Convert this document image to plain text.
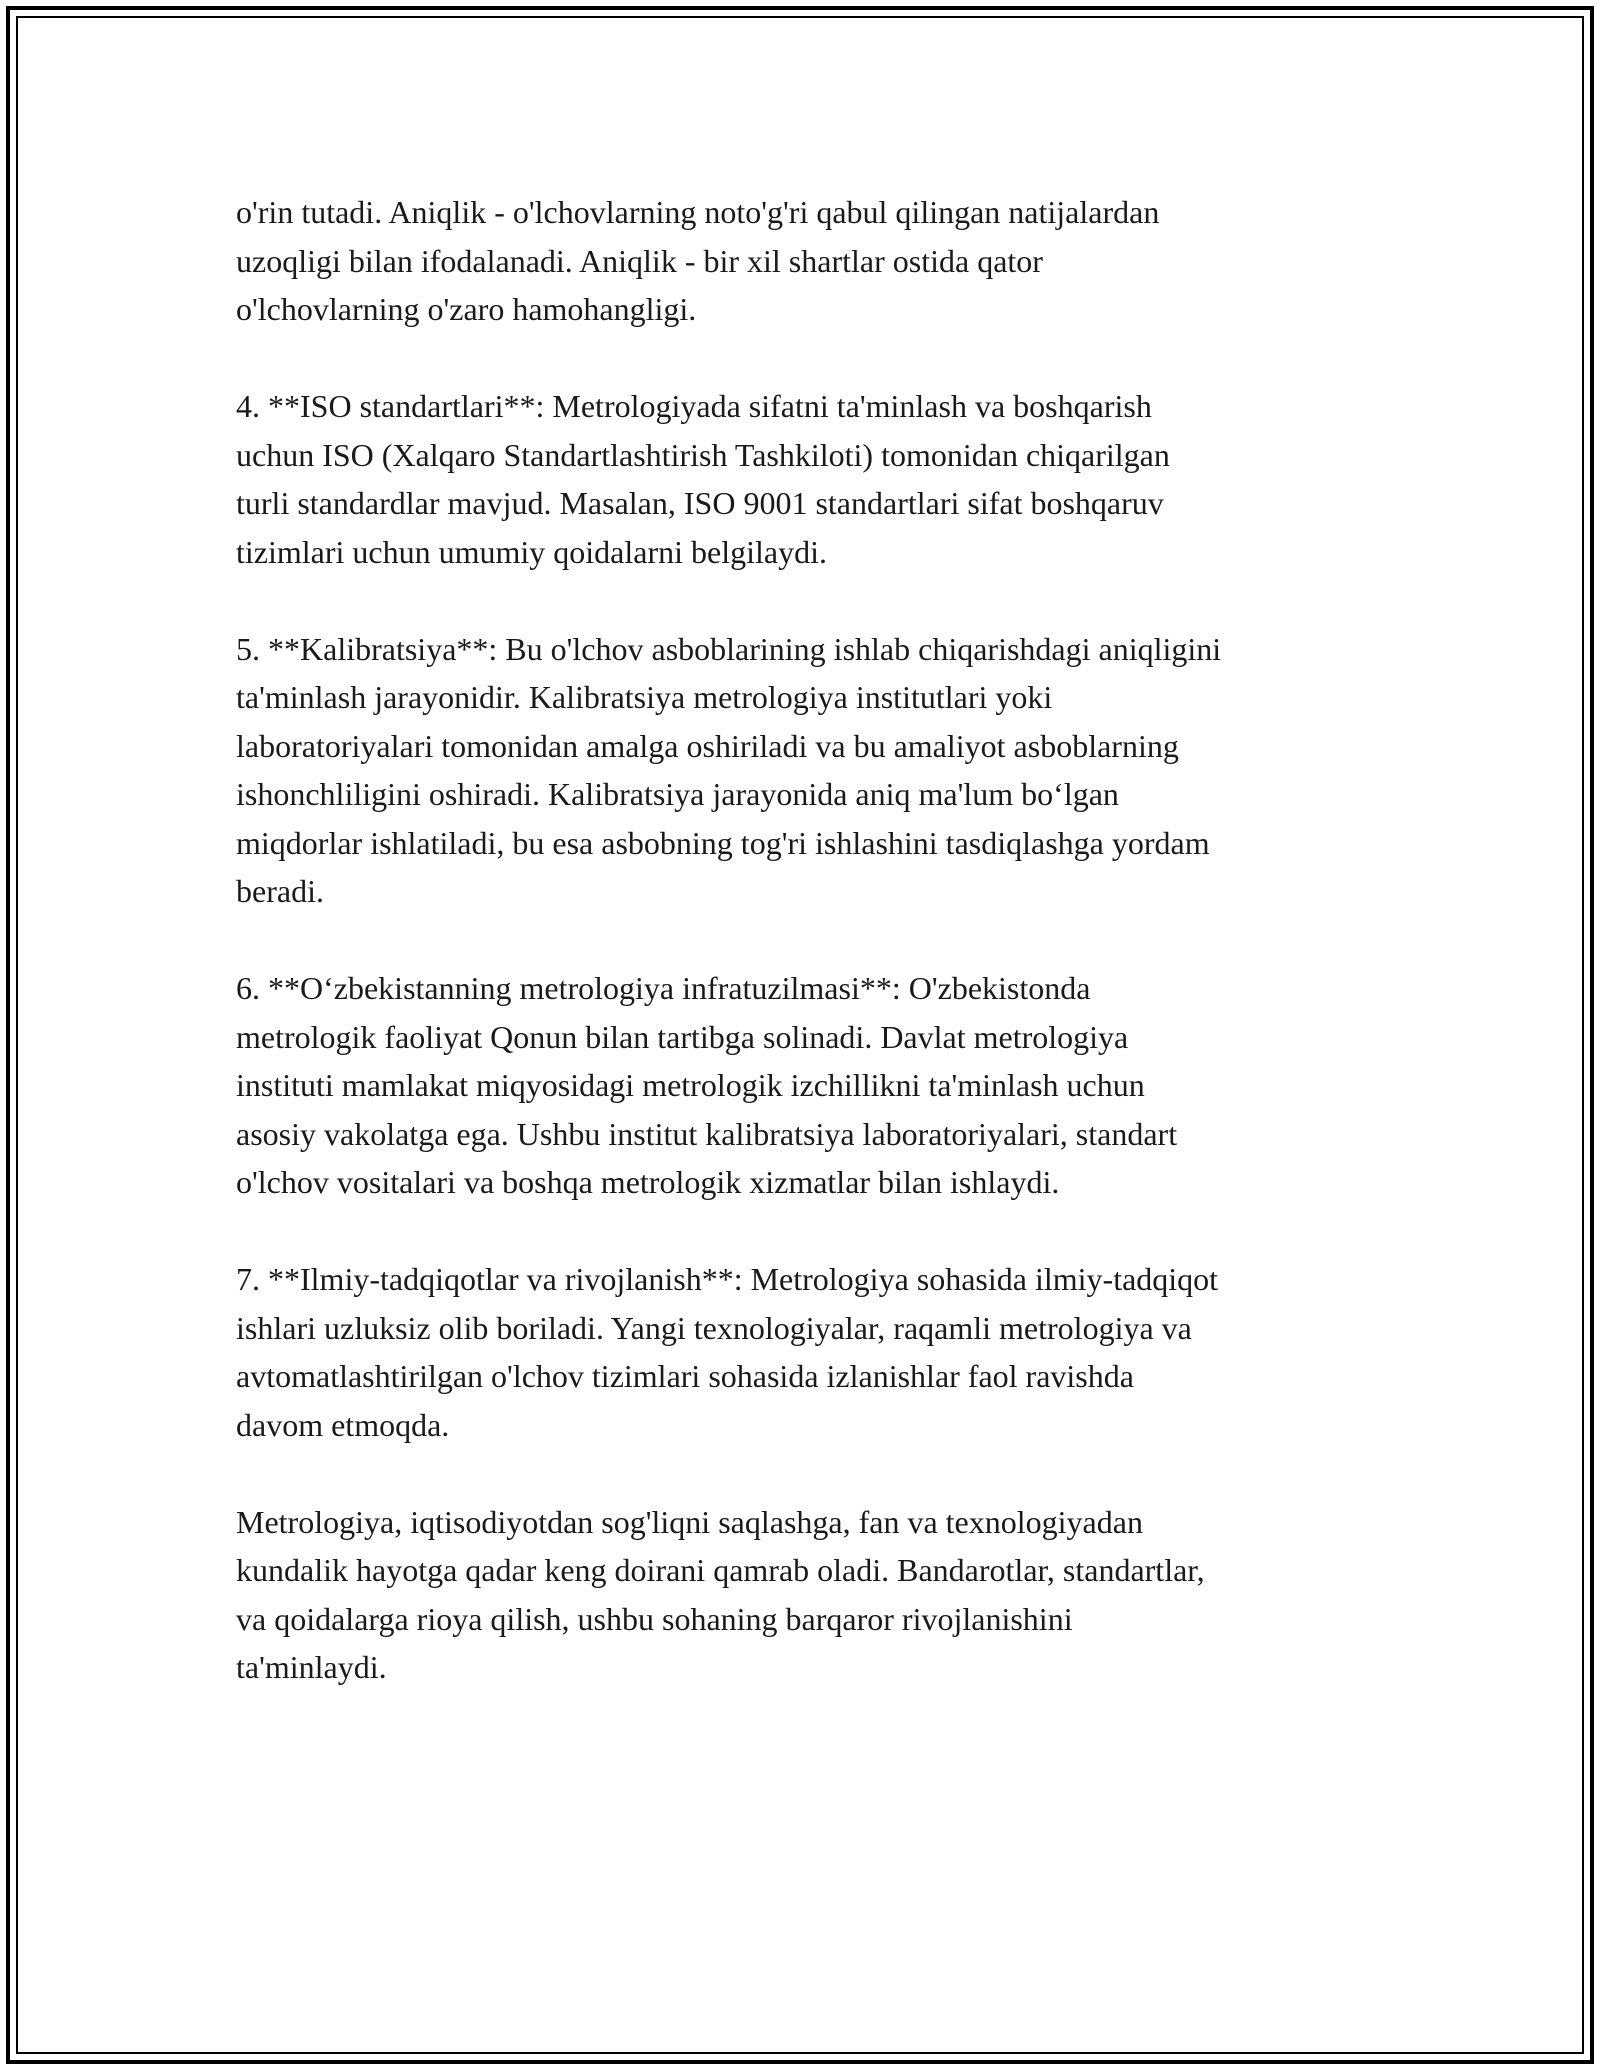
o'rin tutadi. Aniqlik - o'lchovlarning noto'g'ri qabul qilingan natijalardan
uzoqligi bilan ifodalanadi. Aniqlik - bir xil shartlar ostida qator
o'lchovlarning o'zaro hamohangligi.

4. **ISO standartlari**: Metrologiyada sifatni ta'minlash va boshqarish
uchun ISO (Xalqaro Standartlashtirish Tashkiloti) tomonidan chiqarilgan
turli standardlar mavjud. Masalan, ISO 9001 standartlari sifat boshqaruv
tizimlari uchun umumiy qoidalarni belgilaydi.

5. **Kalibratsiya**: Bu o'lchov asboblarining ishlab chiqarishdagi aniqligini
ta'minlash jarayonidir. Kalibratsiya metrologiya institutlari yoki
laboratoriyalari tomonidan amalga oshiriladi va bu amaliyot asboblarning
ishonchliligini oshiradi. Kalibratsiya jarayonida aniq ma'lum bo‘lgan
miqdorlar ishlatiladi, bu esa asbobning tog'ri ishlashini tasdiqlashga yordam
beradi.

6. **O‘zbekistanning metrologiya infratuzilmasi**: O'zbekistonda
metrologik faoliyat Qonun bilan tartibga solinadi. Davlat metrologiya
instituti mamlakat miqyosidagi metrologik izchillikni ta'minlash uchun
asosiy vakolatga ega. Ushbu institut kalibratsiya laboratoriyalari, standart
o'lchov vositalari va boshqa metrologik xizmatlar bilan ishlaydi.

7. **Ilmiy-tadqiqotlar va rivojlanish**: Metrologiya sohasida ilmiy-tadqiqot
ishlari uzluksiz olib boriladi. Yangi texnologiyalar, raqamli metrologiya va
avtomatlashtirilgan o'lchov tizimlari sohasida izlanishlar faol ravishda
davom etmoqda.

Metrologiya, iqtisodiyotdan sog'liqni saqlashga, fan va texnologiyadan
kundalik hayotga qadar keng doirani qamrab oladi. Bandarotlar, standartlar,
va qoidalarga rioya qilish, ushbu sohaning barqaror rivojlanishini
ta'minlaydi.
